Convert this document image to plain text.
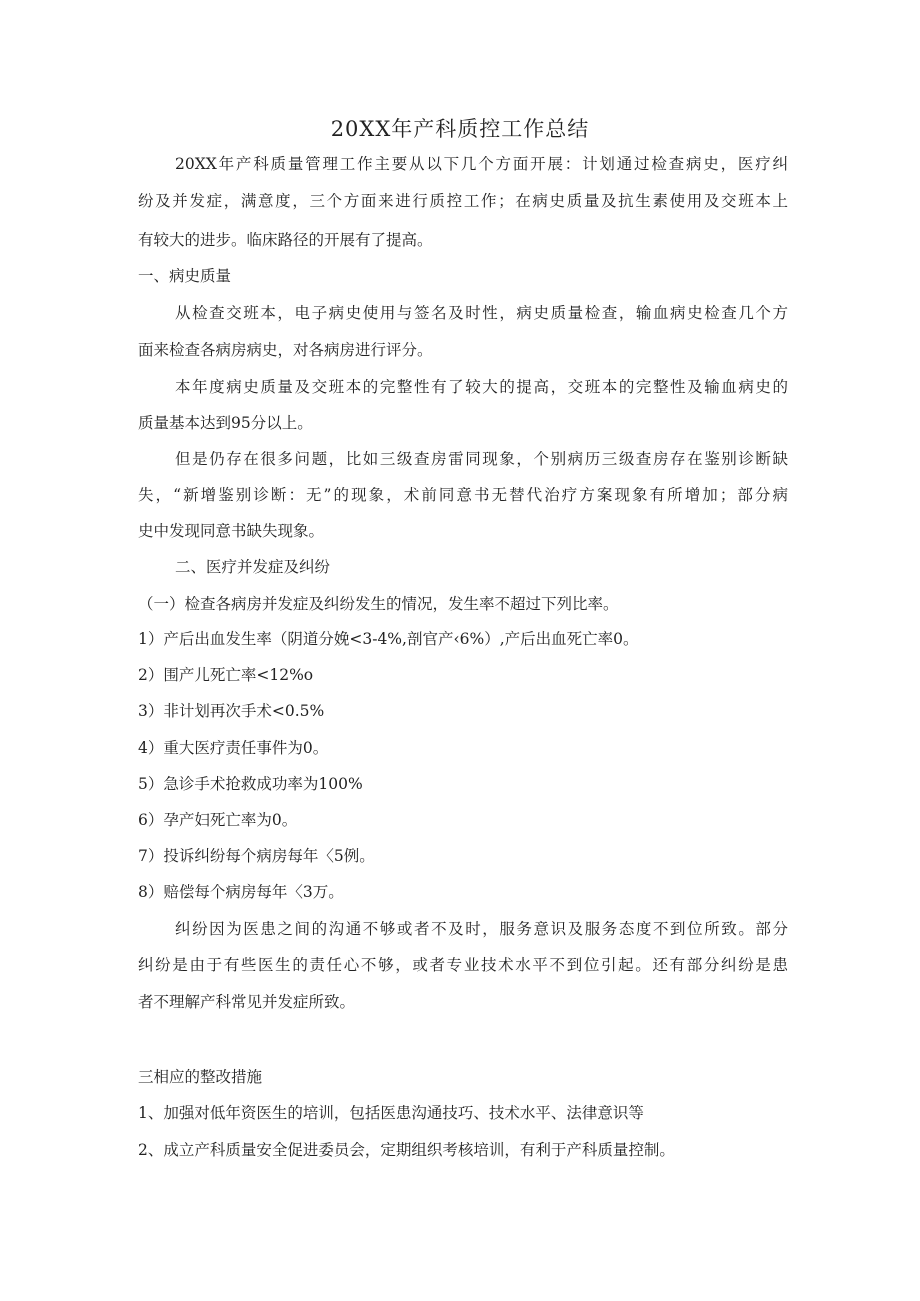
20XX年产科质控工作总结
20XX年产科质量管理工作主要从以下几个方面开展：计划通过检查病史，医疗纠
纷及并发症，满意度，三个方面来进行质控工作；在病史质量及抗生素使用及交班本上
有较大的进步。临床路径的开展有了提高。
一、病史质量
从检查交班本，电子病史使用与签名及时性，病史质量检查，输血病史检查几个方
面来检查各病房病史，对各病房进行评分。
本年度病史质量及交班本的完整性有了较大的提高，交班本的完整性及输血病史的
质量基本达到95分以上。
但是仍存在很多问题，比如三级查房雷同现象，个别病历三级查房存在鉴别诊断缺
失，“新增鉴别诊断：无”的现象，术前同意书无替代治疗方案现象有所增加；部分病
史中发现同意书缺失现象。
二、医疗并发症及纠纷
（一）检查各病房并发症及纠纷发生的情况，发生率不超过下列比率。
1）产后出血发生率（阴道分娩<3-4%,剖官产‹6%）,产后出血死亡率0。
2）围产儿死亡率<12%o
3）非计划再次手术<0.5%
4）重大医疗责任事件为0。
5）急诊手术抢救成功率为100%
6）孕产妇死亡率为0。
7）投诉纠纷每个病房每年〈5例。
8）赔偿每个病房每年〈3万。
纠纷因为医患之间的沟通不够或者不及时，服务意识及服务态度不到位所致。部分
纠纷是由于有些医生的责任心不够，或者专业技术水平不到位引起。还有部分纠纷是患
者不理解产科常见并发症所致。
三相应的整改措施
1、加强对低年资医生的培训，包括医患沟通技巧、技术水平、法律意识等
2、成立产科质量安全促进委员会，定期组织考核培训，有利于产科质量控制。
